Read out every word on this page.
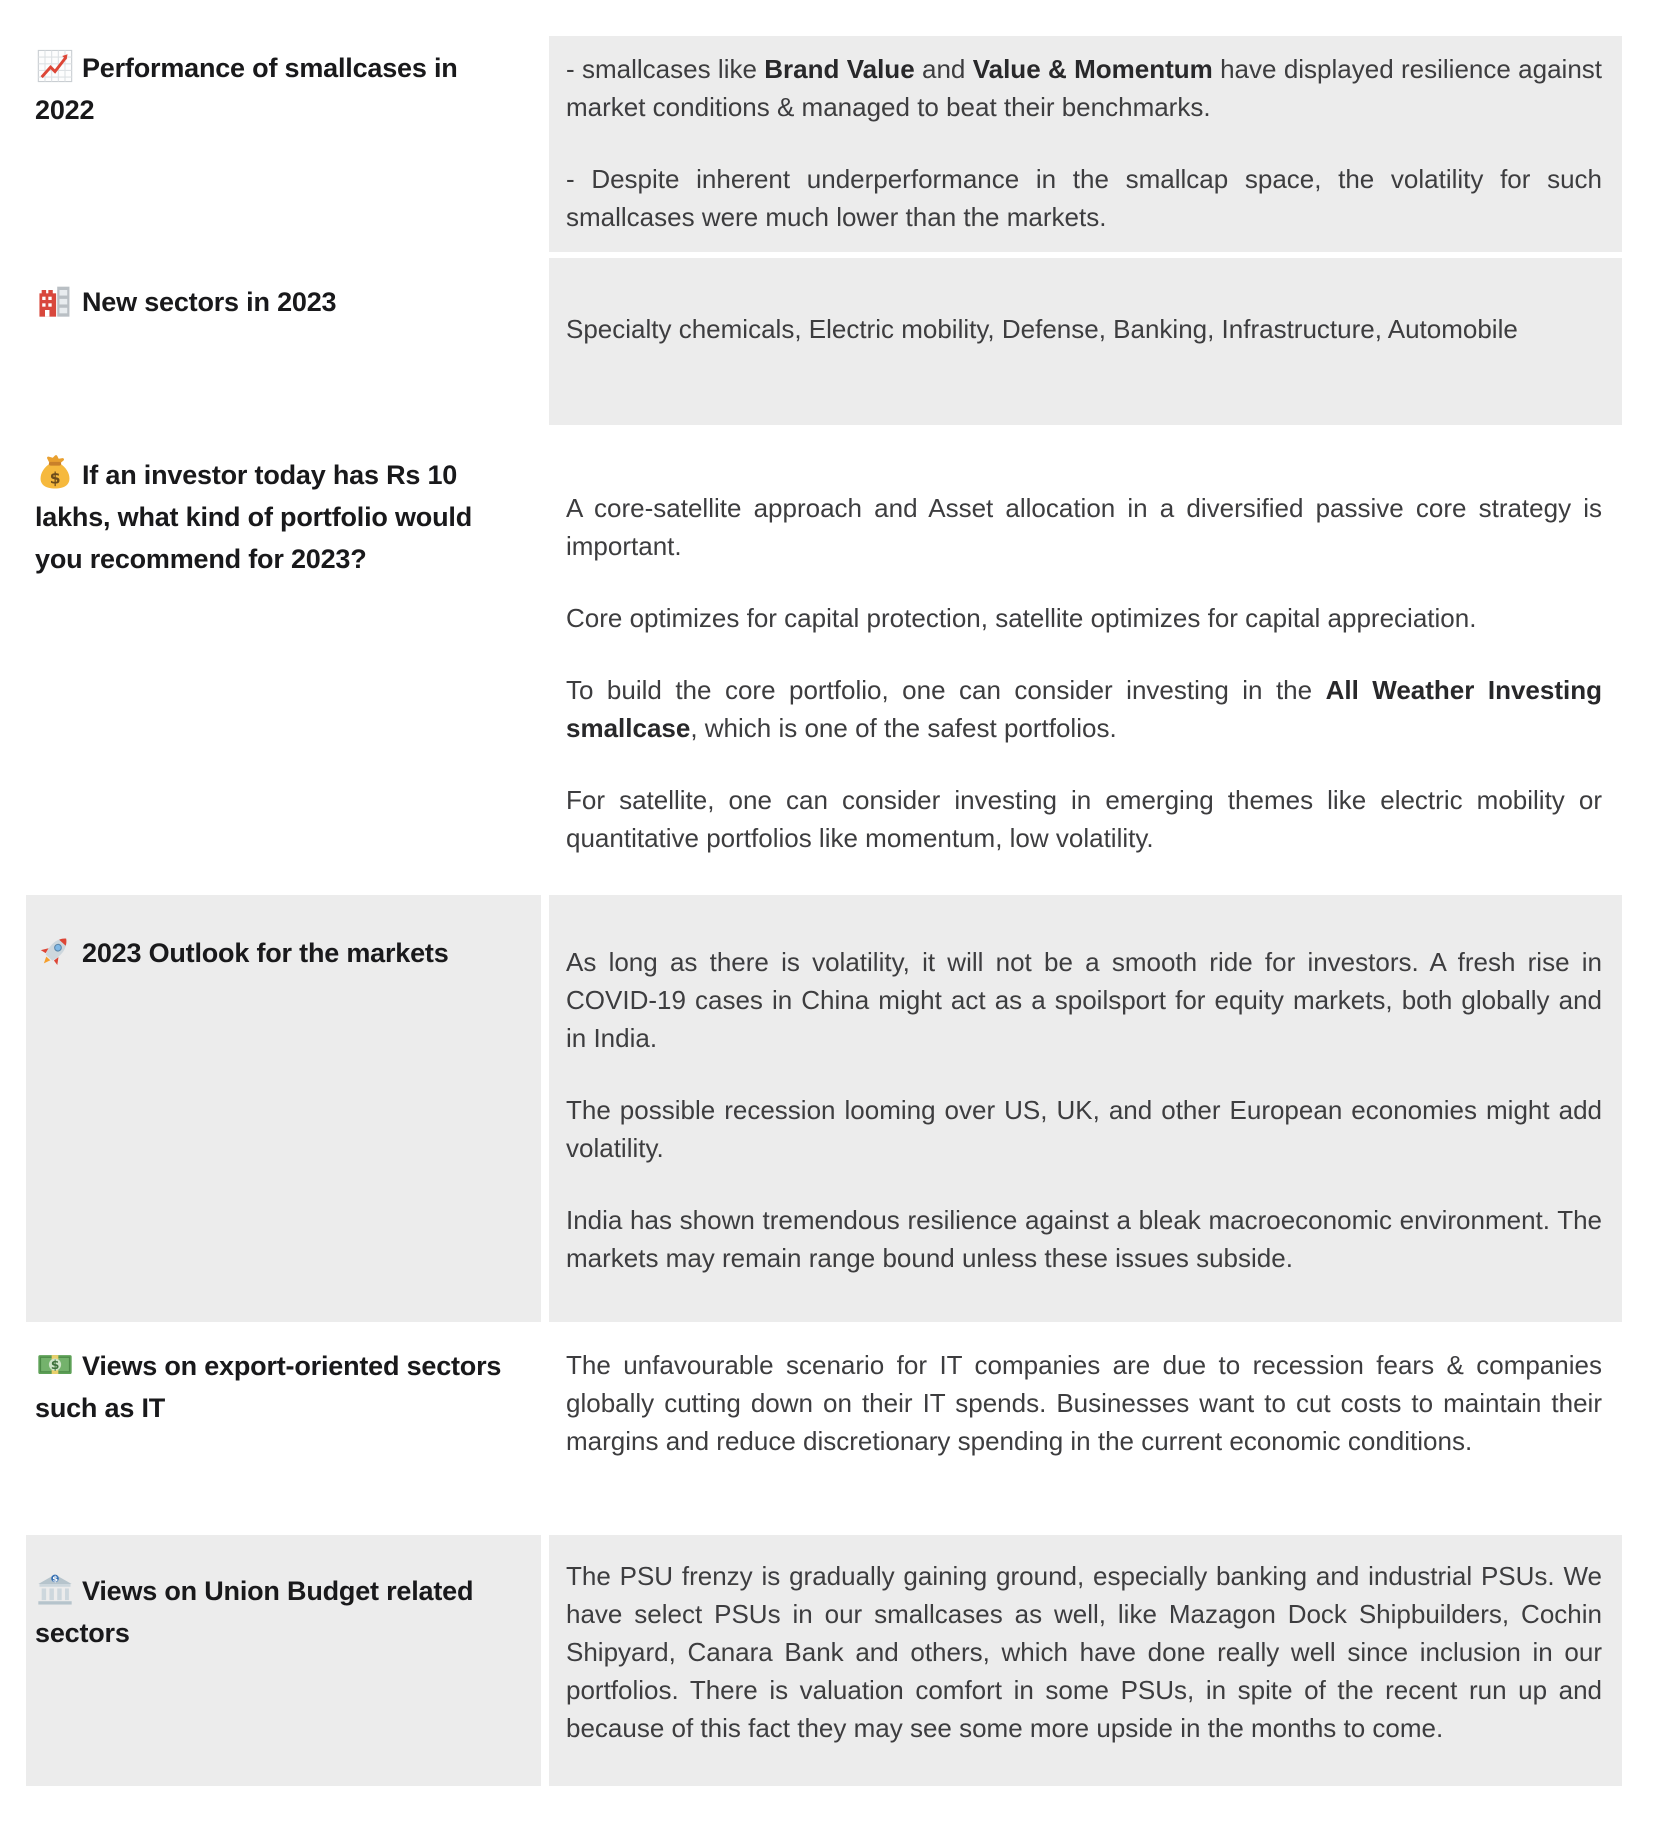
Performance of smallcases in 2022

- smallcases like Brand Value and Value & Momentum have displayed resilience against market conditions & managed to beat their benchmarks.

- Despite inherent underperformance in the smallcap space, the volatility for such smallcases were much lower than the markets.

New sectors in 2023

Specialty chemicals, Electric mobility, Defense, Banking, Infrastructure, Automobile

$ If an investor today has Rs 10 lakhs, what kind of portfolio would you recommend for 2023?

A core-satellite approach and Asset allocation in a diversified passive core strategy is important.

Core optimizes for capital protection, satellite optimizes for capital appreciation.

To build the core portfolio, one can consider investing in the All Weather Investing smallcase, which is one of the safest portfolios.

For satellite, one can consider investing in emerging themes like electric mobility or quantitative portfolios like momentum, low volatility.

2023 Outlook for the markets	As long as there is volatility, it will not be a smooth ride for investors. A fresh rise in COVID-19 cases in China might act as a spoilsport for equity markets, both globally and in India.

The possible recession looming over US, UK, and other European economies might add volatility.

India has shown tremendous resilience against a bleak macroeconomic environment. The markets may remain range bound unless these issues subside.

$ Views on export-oriented sectors such as IT

The unfavourable scenario for IT companies are due to recession fears & companies globally cutting down on their IT spends. Businesses want to cut costs to maintain their margins and reduce discretionary spending in the current economic conditions.

$ Views on Union Budget related sectors

The PSU frenzy is gradually gaining ground, especially banking and industrial PSUs. We have select PSUs in our smallcases as well, like Mazagon Dock Shipbuilders, Cochin Shipyard, Canara Bank and others, which have done really well since inclusion in our portfolios. There is valuation comfort in some PSUs, in spite of the recent run up and because of this fact they may see some more upside in the months to come.
